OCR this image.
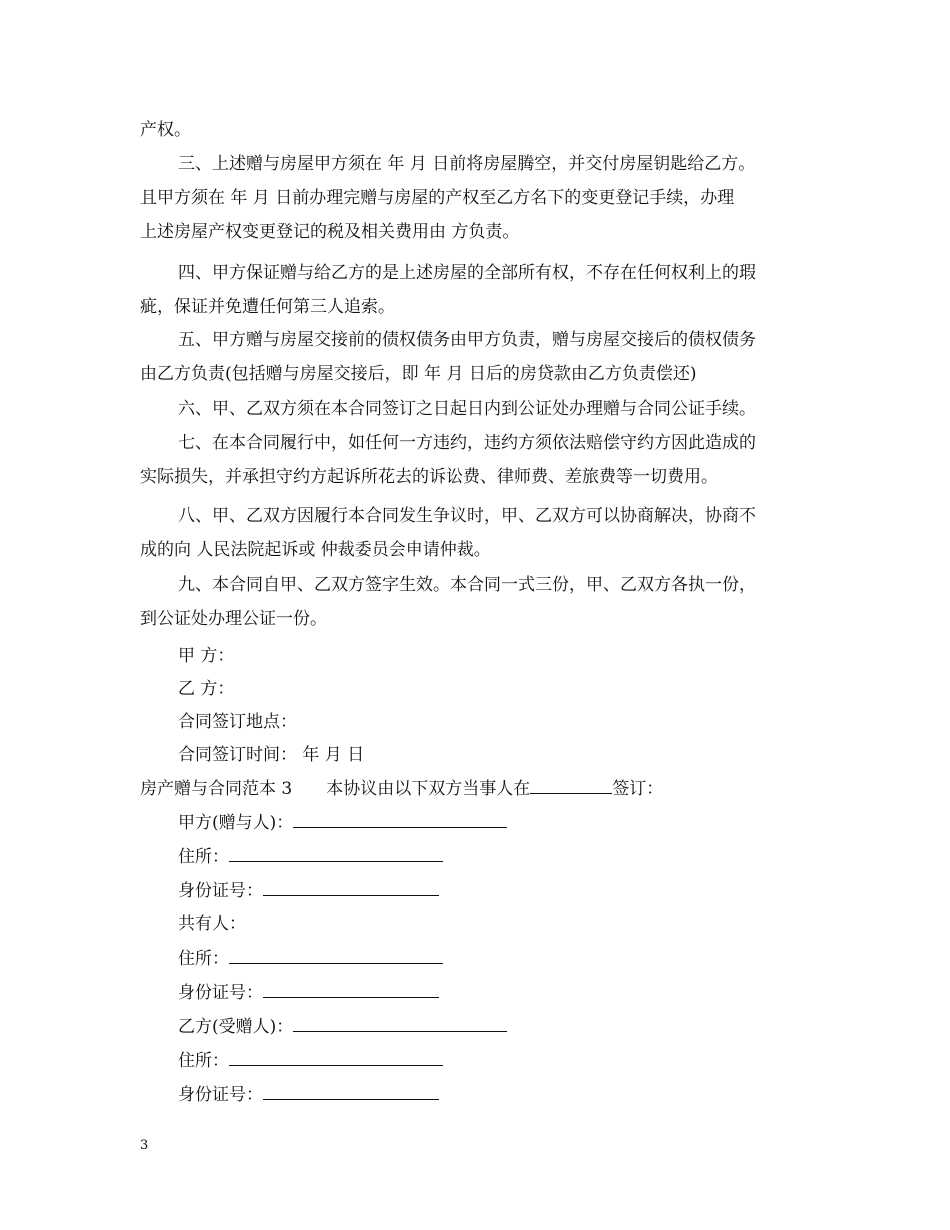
产权。
三、上述赠与房屋甲方须在 年 月 日前将房屋腾空，并交付房屋钥匙给乙方。
且甲方须在 年 月 日前办理完赠与房屋的产权至乙方名下的变更登记手续，办理
上述房屋产权变更登记的税及相关费用由 方负责。
四、甲方保证赠与给乙方的是上述房屋的全部所有权，不存在任何权利上的瑕
疵，保证并免遭任何第三人追索。
五、甲方赠与房屋交接前的债权债务由甲方负责，赠与房屋交接后的债权债务
由乙方负责(包括赠与房屋交接后，即 年 月 日后的房贷款由乙方负责偿还)
六、甲、乙双方须在本合同签订之日起日内到公证处办理赠与合同公证手续。
七、在本合同履行中，如任何一方违约，违约方须依法赔偿守约方因此造成的
实际损失，并承担守约方起诉所花去的诉讼费、律师费、差旅费等一切费用。
八、甲、乙双方因履行本合同发生争议时，甲、乙双方可以协商解决，协商不
成的向 人民法院起诉或 仲裁委员会申请仲裁。
九、本合同自甲、乙双方签字生效。本合同一式三份，甲、乙双方各执一份，
到公证处办理公证一份。
甲 方：
乙 方：
合同签订地点：
合同签订时间： 年 月 日
房产赠与合同范本 3 本协议由以下双方当事人在	签订：
甲方(赠与人)：
住所：
身份证号：
共有人：
住所：
身份证号：
乙方(受赠人)：
住所：
身份证号：
3
